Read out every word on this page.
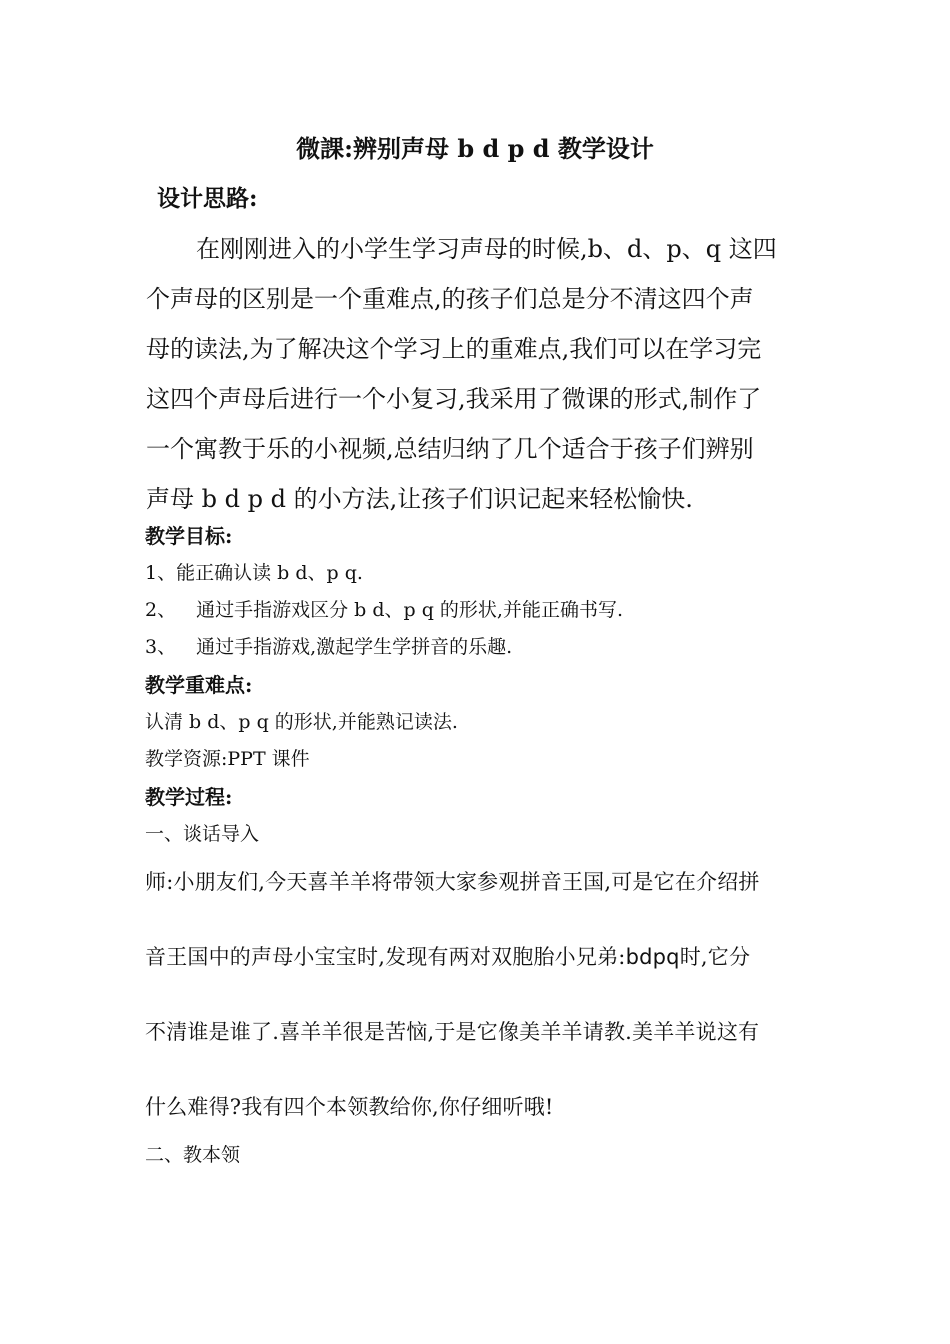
微課:辨别声母 b d p d 教学设计
设计思路:
在刚刚进入的小学生学习声母的时候,b、d、p、q 这四
个声母的区别是一个重难点,的孩子们总是分不清这四个声
母的读法,为了解决这个学习上的重难点,我们可以在学习完
这四个声母后进行一个小复习,我采用了微课的形式,制作了
一个寓教于乐的小视频,总结归纳了几个适合于孩子们辨别
声母 b d p d 的小方法,让孩子们识记起来轻松愉快.
教学目标:
1、能正确认读 b d、p q.
2、 通过手指游戏区分 b d、p q 的形状,并能正确书写.
3、 通过手指游戏,激起学生学拼音的乐趣.
教学重难点:
认清 b d、p q 的形状,并能熟记读法.
教学资源:PPT 课件
教学过程:
一、谈话导入
师:小朋友们,今天喜羊羊将带领大家参观拼音王国,可是它在介绍拼
音王国中的声母小宝宝时,发现有两对双胞胎小兄弟:bdpq时,它分
不清谁是谁了.喜羊羊很是苦恼,于是它像美羊羊请教.美羊羊说这有
什么难得?我有四个本领教给你,你仔细听哦!
二、教本领
